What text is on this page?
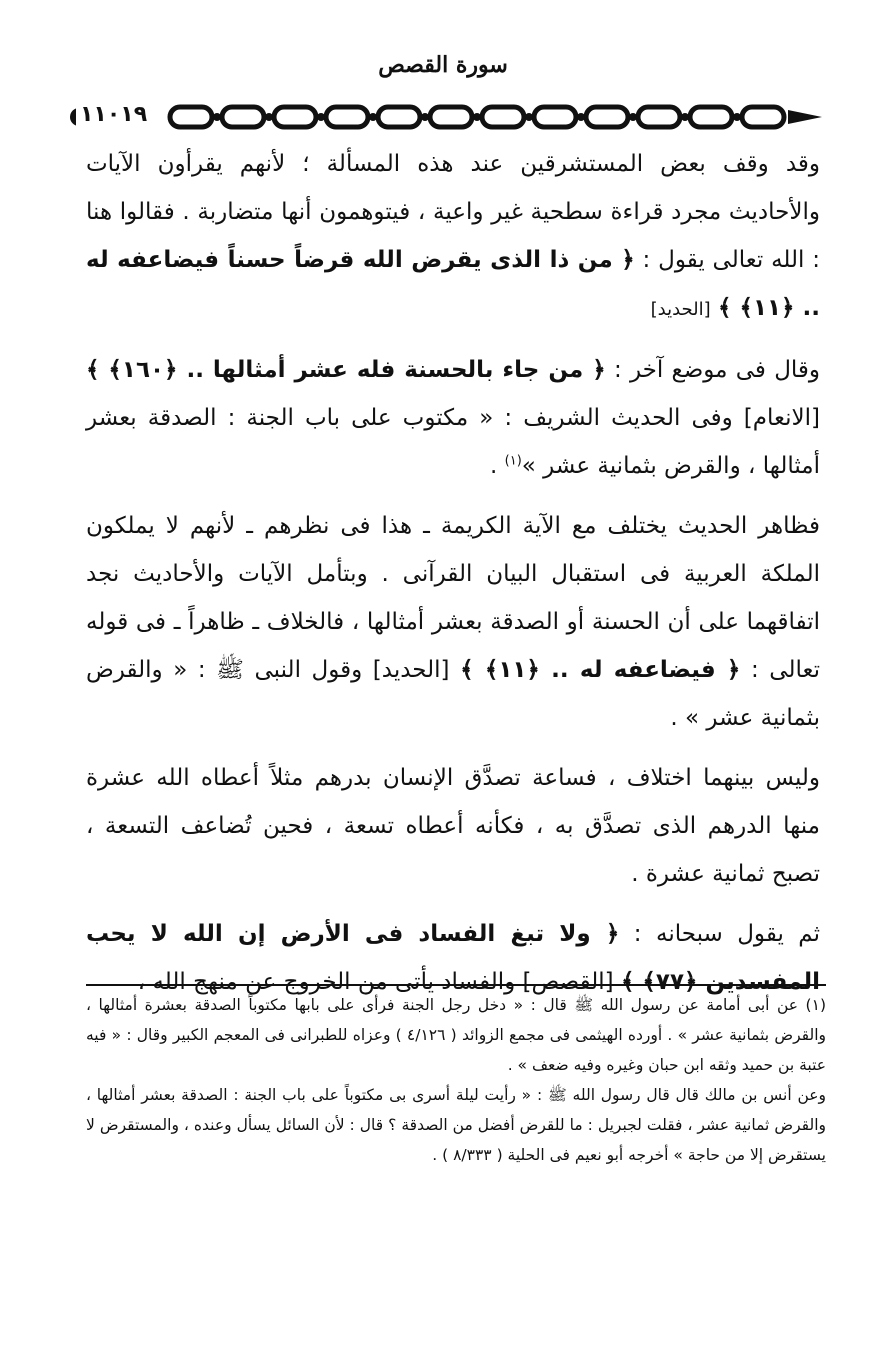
سورة القصص
١١٠١٩

وقد وقف بعض المستشرقين عند هذه المسألة ؛ لأنهم يقرأون الآيات والأحاديث مجرد قراءة سطحية غير واعية ، فيتوهمون أنها متضاربة . فقالوا هنا : الله تعالى يقول : ﴿ من ذا الذى يقرض الله قرضاً حسناً فيضاعفه له .. ﴿١١﴾ ﴾ [الحديد]

وقال فى موضع آخر : ﴿ من جاء بالحسنة فله عشر أمثالها .. ﴿١٦٠﴾ ﴾ [الانعام] وفى الحديث الشريف : « مكتوب على باب الجنة : الصدقة بعشر أمثالها ، والقرض بثمانية عشر »$^{(١)}$ .

فظاهر الحديث يختلف مع الآية الكريمة ـ هذا فى نظرهم ـ لأنهم لا يملكون الملكة العربية فى استقبال البيان القرآنى . وبتأمل الآيات والأحاديث نجد اتفاقهما على أن الحسنة أو الصدقة بعشر أمثالها ، فالخلاف ـ ظاهراً ـ فى قوله تعالى : ﴿ فيضاعفه له .. ﴿١١﴾ ﴾ [الحديد] وقول النبى ﷺ : « والقرض بثمانية عشر » .

وليس بينهما اختلاف ، فساعة تصدَّق الإنسان بدرهم مثلاً أعطاه الله عشرة منها الدرهم الذى تصدَّق به ، فكأنه أعطاه تسعة ، فحين تُضاعف التسعة ، تصبح ثمانية عشرة .

ثم يقول سبحانه : ﴿ ولا تبغ الفساد فى الأرض إن الله لا يحب المفسدين ﴿٧٧﴾ ﴾ [القصص] والفساد يأتى من الخروج عن منهج الله ،

(١) عن أبى أمامة عن رسول الله ﷺ قال : « دخل رجل الجنة فرأى على بابها مكتوباً الصدقة بعشرة أمثالها ، والقرض بثمانية عشر » . أورده الهيثمى فى مجمع الزوائد ( ٤/١٢٦ ) وعزاه للطبرانى فى المعجم الكبير وقال : « فيه عتبة بن حميد وثقه ابن حبان وغيره وفيه ضعف » .

وعن أنس بن مالك قال قال رسول الله ﷺ : « رأيت ليلة أسرى بى مكتوباً على باب الجنة : الصدقة بعشر أمثالها ، والقرض ثمانية عشر ، فقلت لجبريل : ما للقرض أفضل من الصدقة ؟ قال : لأن السائل يسأل وعنده ، والمستقرض لا يستقرض إلا من حاجة » أخرجه أبو نعيم فى الحلية ( ٨/٣٣٣ ) .
